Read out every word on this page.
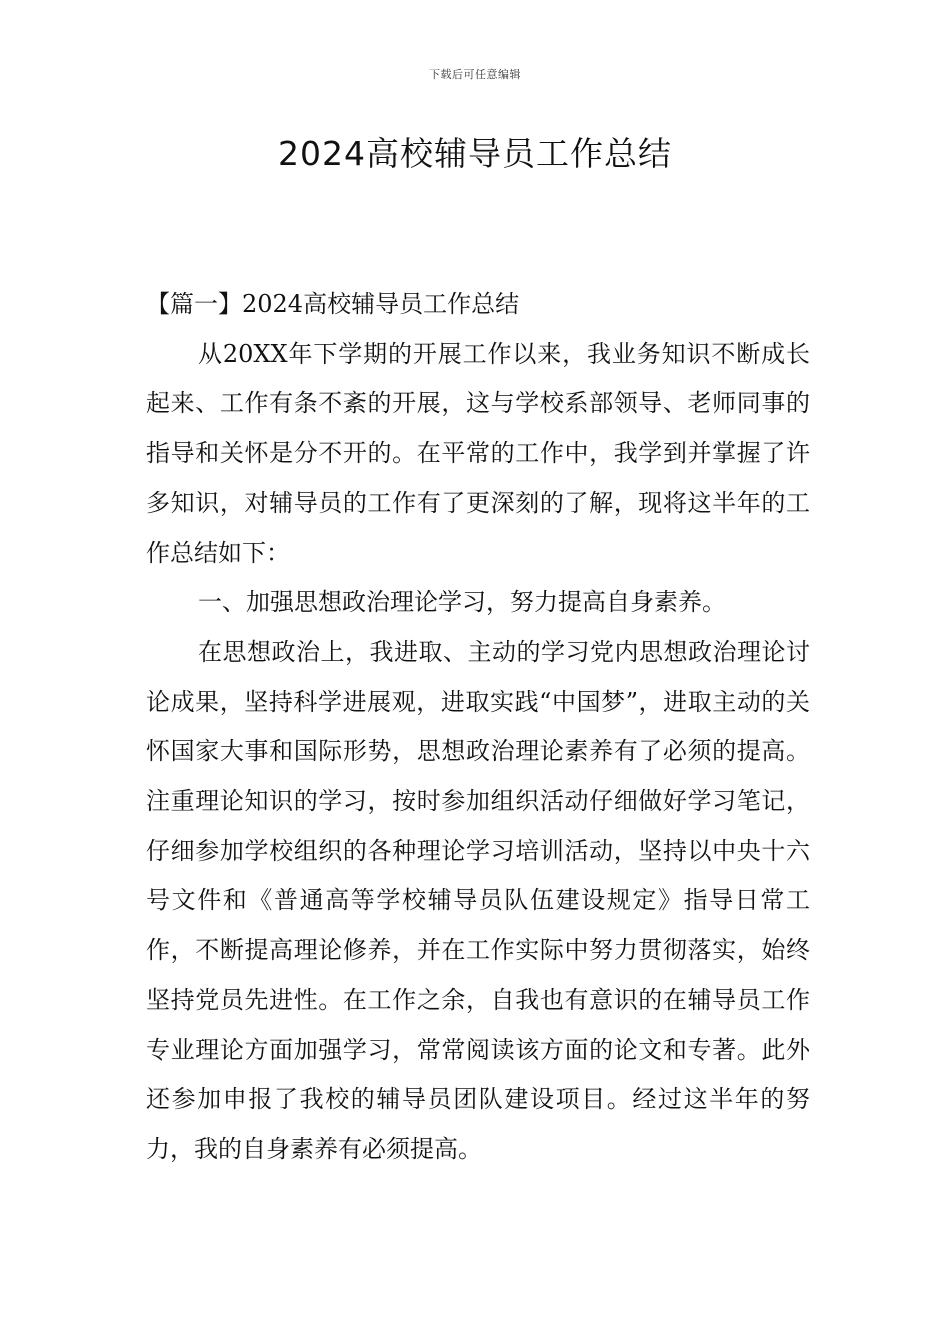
下载后可任意编辑
2024高校辅导员工作总结

【篇一】2024高校辅导员工作总结

从20XX年下学期的开展工作以来，我业务知识不断成长起来、工作有条不紊的开展，这与学校系部领导、老师同事的指导和关怀是分不开的。在平常的工作中，我学到并掌握了许多知识，对辅导员的工作有了更深刻的了解，现将这半年的工作总结如下：

一、加强思想政治理论学习，努力提高自身素养。

在思想政治上，我进取、主动的学习党内思想政治理论讨论成果，坚持科学进展观，进取实践“中国梦”，进取主动的关怀国家大事和国际形势，思想政治理论素养有了必须的提高。注重理论知识的学习，按时参加组织活动仔细做好学习笔记，仔细参加学校组织的各种理论学习培训活动，坚持以中央十六号文件和《普通高等学校辅导员队伍建设规定》指导日常工作，不断提高理论修养，并在工作实际中努力贯彻落实，始终坚持党员先进性。在工作之余，自我也有意识的在辅导员工作专业理论方面加强学习，常常阅读该方面的论文和专著。此外还参加申报了我校的辅导员团队建设项目。经过这半年的努力，我的自身素养有必须提高。
